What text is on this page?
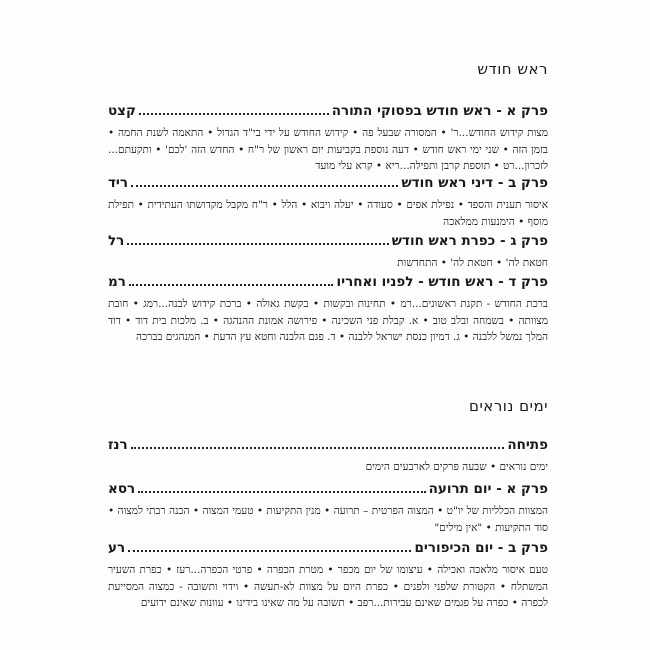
ראש חודש
פרק א - ראש חודש בפסוקי התורה
קצט
מצות קידוש החודש...ר' • המסורה שבעל פה • קידוש החודש על ידי בי"ד הגדול • התאמה לשנת החמה • בזמן הזה • שני ימי ראש חודש • דעה נוספת בקביעות יום ראשון של ר"ח • החדש הזה 'לכם' • ותקעתם... לזכרון...רט • תוספת קרבן ותפילה...ריא • קרא עלי מועד
פרק ב - דיני ראש חודש
ריד
איסור תענית והספד • נפילת אפים • סעודה • יעלה ויבוא • הלל • ר"ח מקבל מקדושתו העתידית • תפילת מוסף • הימנעות ממלאכה
פרק ג - כפרת ראש חודש
רל
חטאת לה' • חטאת לה' • התחדשות
פרק ד - ראש חודש - לפניו ואחריו
רמ
ברכת החודש - תקנת ראשונים...רמ • תחינות ובקשות • בקשת גאולה • ברכת קידוש לבנה...רמג • חובת מצוותה • בשמחה ובלב טוב • א. קבלת פני השכינה • פירושה אמונת ההנהגה • ב. מלכות בית דוד • דוד המלך נמשל ללבנה • ג. דמיון כנסת ישראל ללבנה • ד. פגם הלבנה וחטא עץ הדעת • המנהגים בברכה
ימים נוראים
פתיחה
רנז
ימים נוראים • שבעה פרקים לארבעים הימים
פרק א - יום תרועה
רסא
המצוות הכלליות של יו"ט • המצוה הפרטית – תרועה • מנין התקיעות • טעמי המצוה • הכנה רבתי למצוה • סוד התקיעות • "אין מילים"
פרק ב - יום הכיפורים
רע
טעם איסור מלאכה ואכילה • עיצומו של יום מכפר • מטרת הכפרה • פרטי הכפרה...רעז • כפרת השעיר המשתלח • הקטורת שלפני ולפנים • כפרת היום על מצוות לא-תעשה • וידוי ותשובה - כמצוה המסייעת לכפרה • כפרה על פגמים שאינם עבירות...רפב • תשובה על מה שאינו בידינו • עוונות שאינם ידועים
